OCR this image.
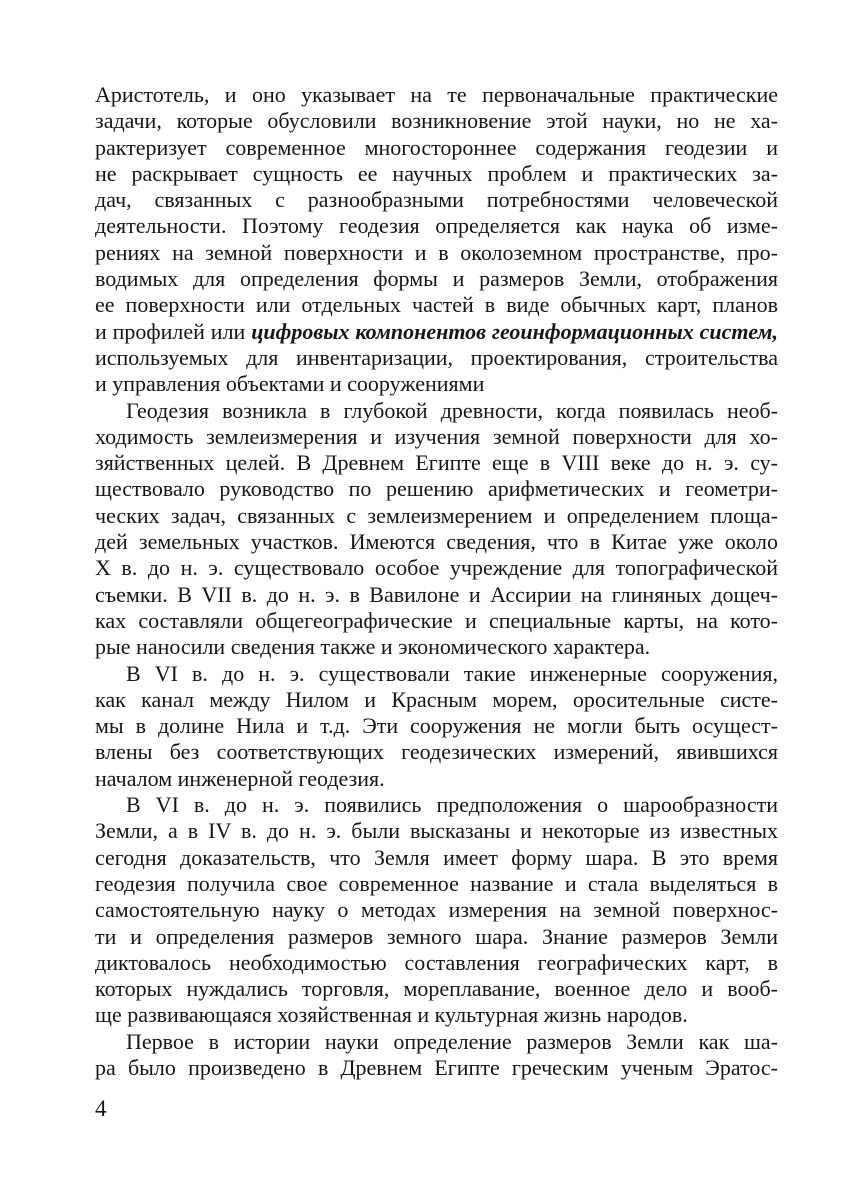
Аристотель, и оно указывает на те первоначальные практические
задачи, которые обусловили возникновение этой науки, но не ха-
рактеризует современное многостороннее содержания геодезии и
не раскрывает сущность ее научных проблем и практических за-
дач, связанных с разнообразными потребностями человеческой
деятельности. Поэтому геодезия определяется как наука об изме-
рениях на земной поверхности и в околоземном пространстве, про-
водимых для определения формы и размеров Земли, отображения
ее поверхности или отдельных частей в виде обычных карт, планов
и профилей или цифровых компонентов геоинформационных систем,
используемых для инвентаризации, проектирования, строительства
и управления объектами и сооружениями
Геодезия возникла в глубокой древности, когда появилась необ-
ходимость землеизмерения и изучения земной поверхности для хо-
зяйственных целей. В Древнем Египте еще в VIII веке до н. э. су-
ществовало руководство по решению арифметических и геометри-
ческих задач, связанных с землеизмерением и определением площа-
дей земельных участков. Имеются сведения, что в Китае уже около
X в. до н. э. существовало особое учреждение для топографической
съемки. В VII в. до н. э. в Вавилоне и Ассирии на глиняных дощеч-
ках составляли общегеографические и специальные карты, на кото-
рые наносили сведения также и экономического характера.
В VI в. до н. э. существовали такие инженерные сооружения,
как канал между Нилом и Красным морем, оросительные систе-
мы в долине Нила и т.д. Эти сооружения не могли быть осущест-
влены без соответствующих геодезических измерений, явившихся
началом инженерной геодезия.
В VI в. до н. э. появились предположения о шарообразности
Земли, а в IV в. до н. э. были высказаны и некоторые из известных
сегодня доказательств, что Земля имеет форму шара. В это время
геодезия получила свое современное название и стала выделяться в
самостоятельную науку о методах измерения на земной поверхнос-
ти и определения размеров земного шара. Знание размеров Земли
диктовалось необходимостью составления географических карт, в
которых нуждались торговля, мореплавание, военное дело и вооб-
ще развивающаяся хозяйственная и культурная жизнь народов.
Первое в истории науки определение размеров Земли как ша-
ра было произведено в Древнем Египте греческим ученым Эратос-
4
